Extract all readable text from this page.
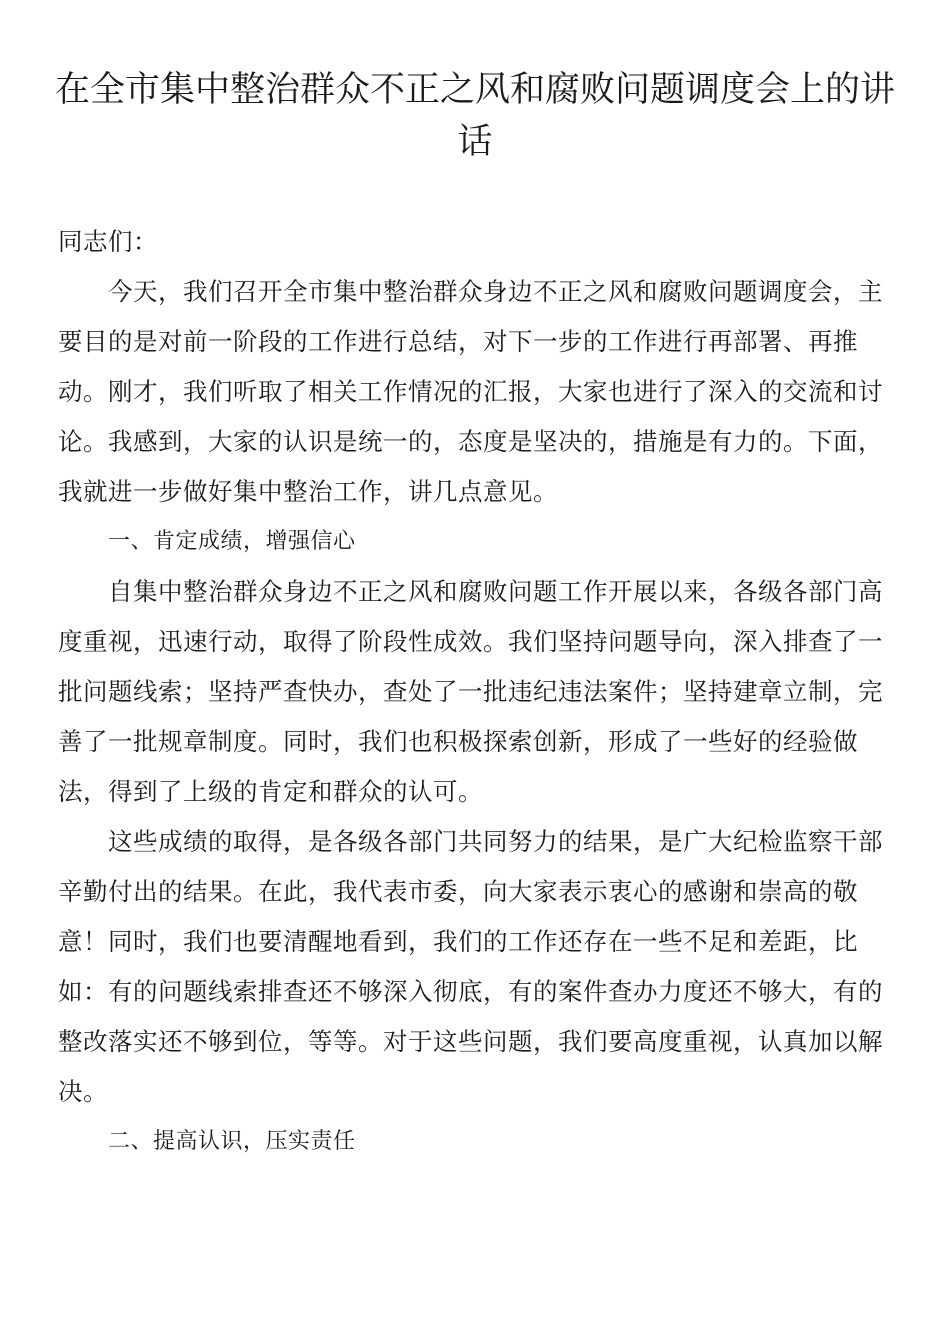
在全市集中整治群众不正之风和腐败问题调度会上的讲话

同志们：

今天，我们召开全市集中整治群众身边不正之风和腐败问题调度会，主要目的是对前一阶段的工作进行总结，对下一步的工作进行再部署、再推动。刚才，我们听取了相关工作情况的汇报，大家也进行了深入的交流和讨论。我感到，大家的认识是统一的，态度是坚决的，措施是有力的。下面，我就进一步做好集中整治工作，讲几点意见。

一、肯定成绩，增强信心

自集中整治群众身边不正之风和腐败问题工作开展以来，各级各部门高度重视，迅速行动，取得了阶段性成效。我们坚持问题导向，深入排查了一批问题线索；坚持严查快办，查处了一批违纪违法案件；坚持建章立制，完善了一批规章制度。同时，我们也积极探索创新，形成了一些好的经验做法，得到了上级的肯定和群众的认可。

这些成绩的取得，是各级各部门共同努力的结果，是广大纪检监察干部辛勤付出的结果。在此，我代表市委，向大家表示衷心的感谢和崇高的敬意！同时，我们也要清醒地看到，我们的工作还存在一些不足和差距，比如：有的问题线索排查还不够深入彻底，有的案件查办力度还不够大，有的整改落实还不够到位，等等。对于这些问题，我们要高度重视，认真加以解决。

二、提高认识，压实责任
